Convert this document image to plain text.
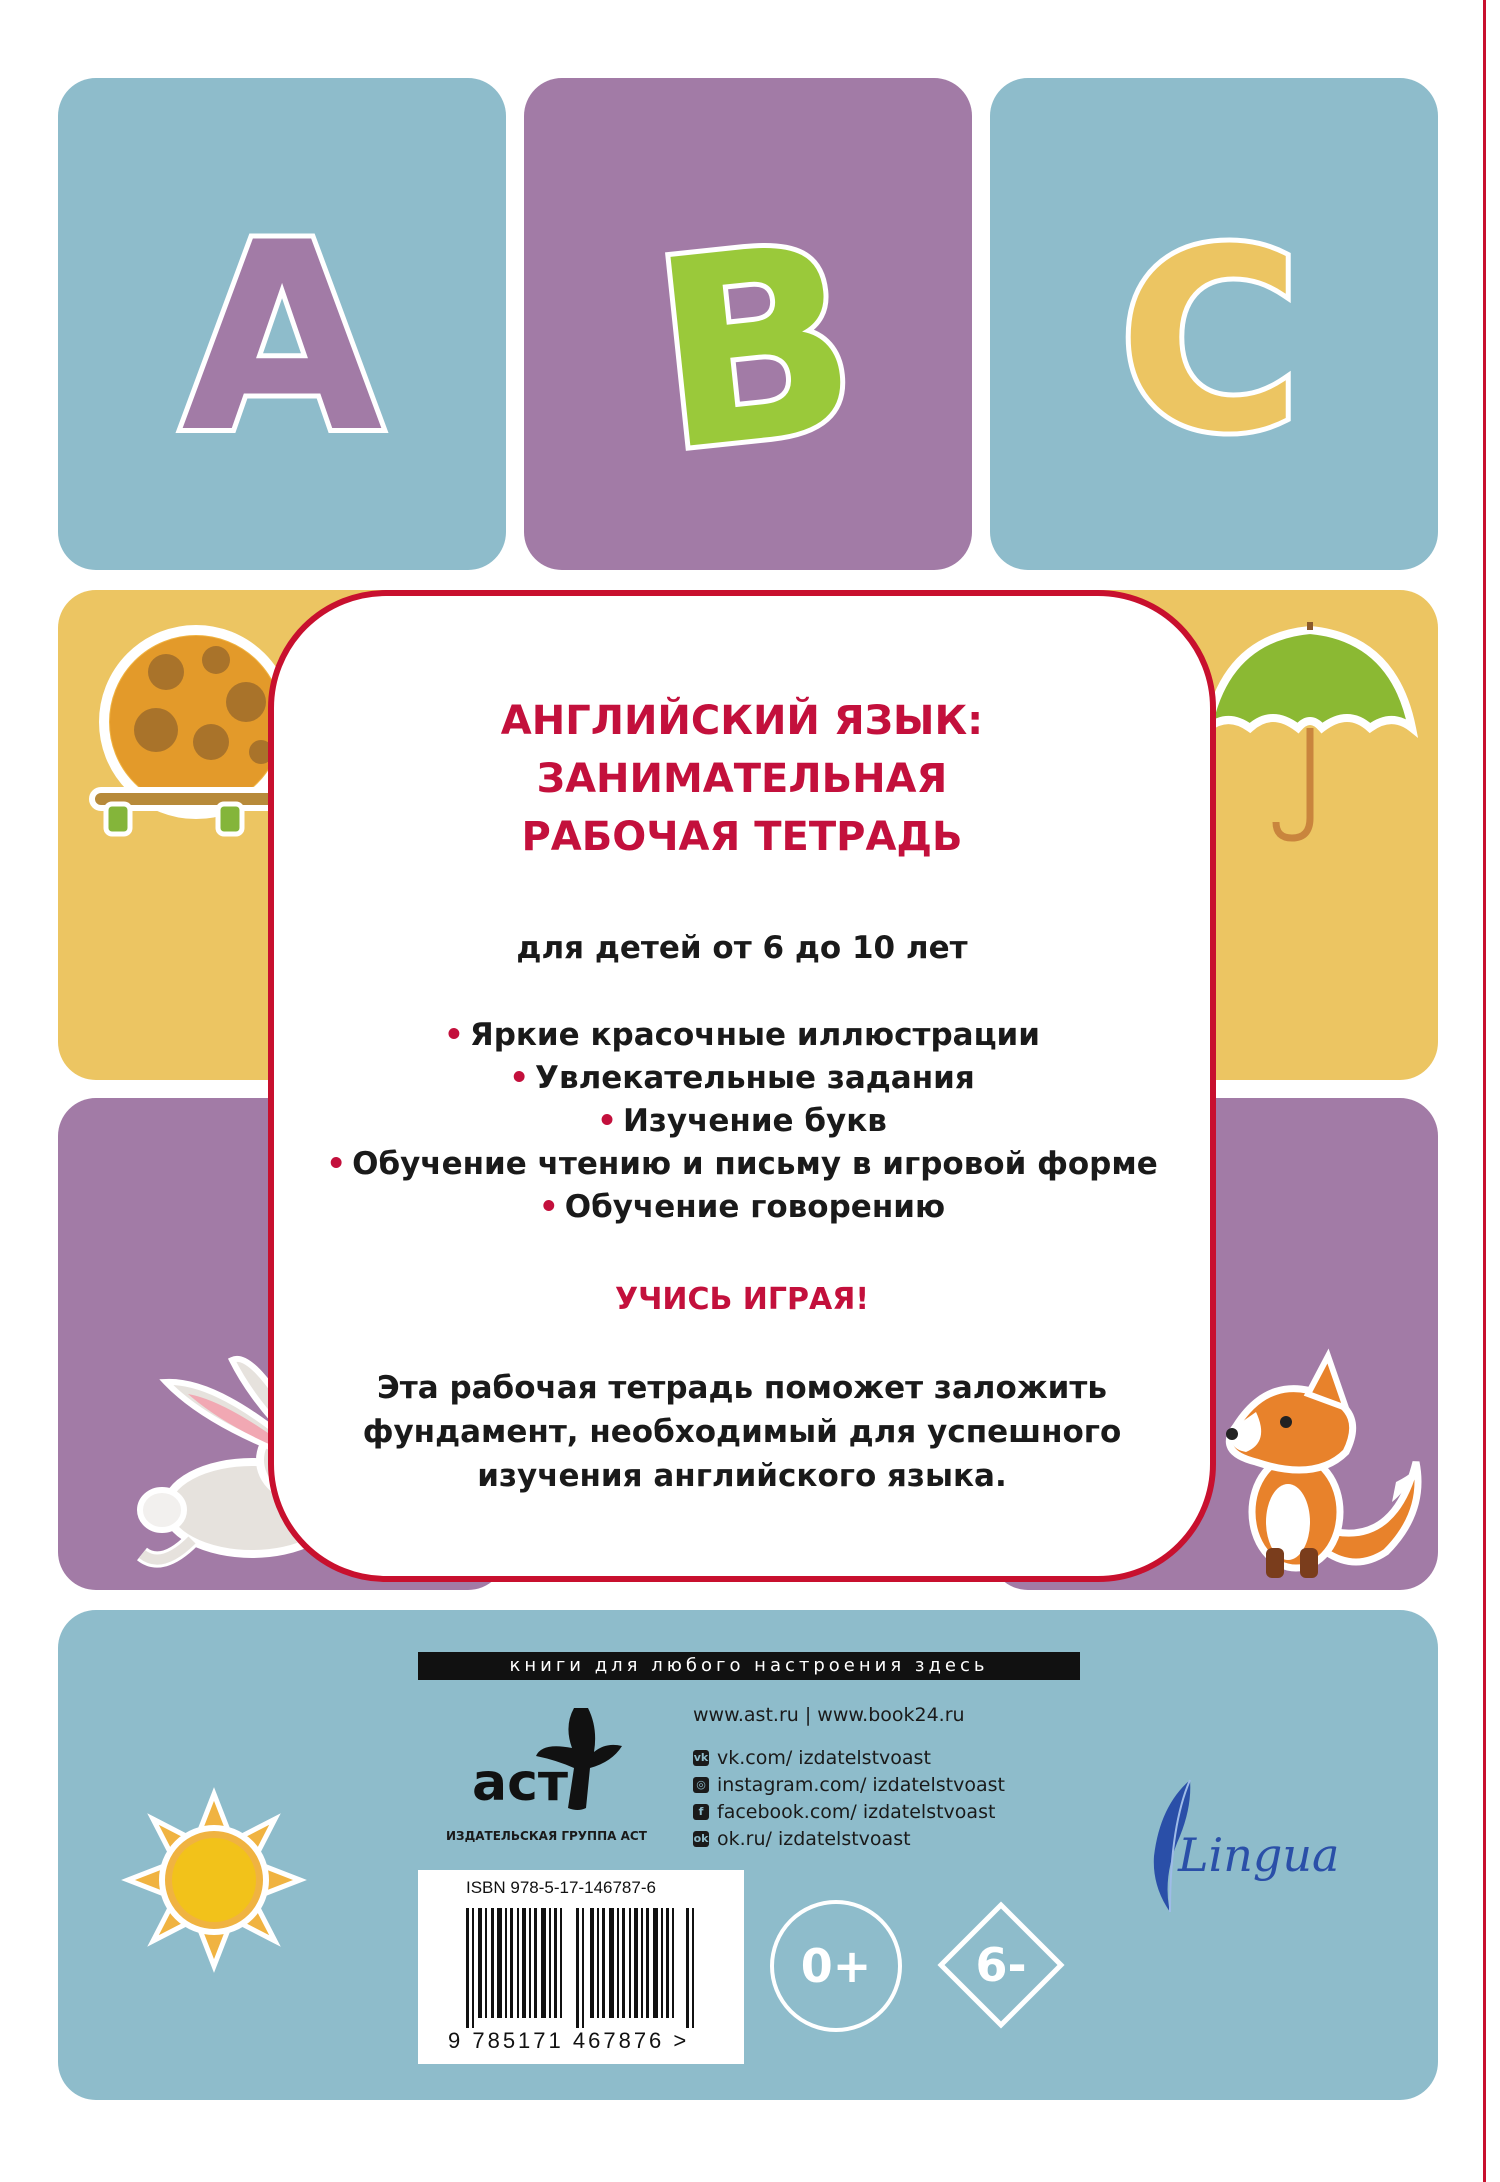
A B C
АНГЛИЙСКИЙ ЯЗЫК:
ЗАНИМАТЕЛЬНАЯ
РАБОЧАЯ ТЕТРАДЬ
для детей от 6 до 10 лет
• Яркие красочные иллюстрации
• Увлекательные задания
• Изучение букв
• Обучение чтению и письму в игровой форме
• Обучение говорению
УЧИСЬ ИГРАЯ!
Эта рабочая тетрадь поможет заложить
фундамент, необходимый для успешного
изучения английского языка.
книги для любого настроения здесь
аст
ИЗДАТЕЛЬСКАЯ ГРУППА АСТ
www.ast.ru | www.book24.ru
vk vk.com/ izdatelstvoast
◎ instagram.com/ izdatelstvoast
f facebook.com/ izdatelstvoast
ok ok.ru/ izdatelstvoast
ISBN 978-5-17-146787-6
9 785171 467876 >
0+	6-
Lingua
